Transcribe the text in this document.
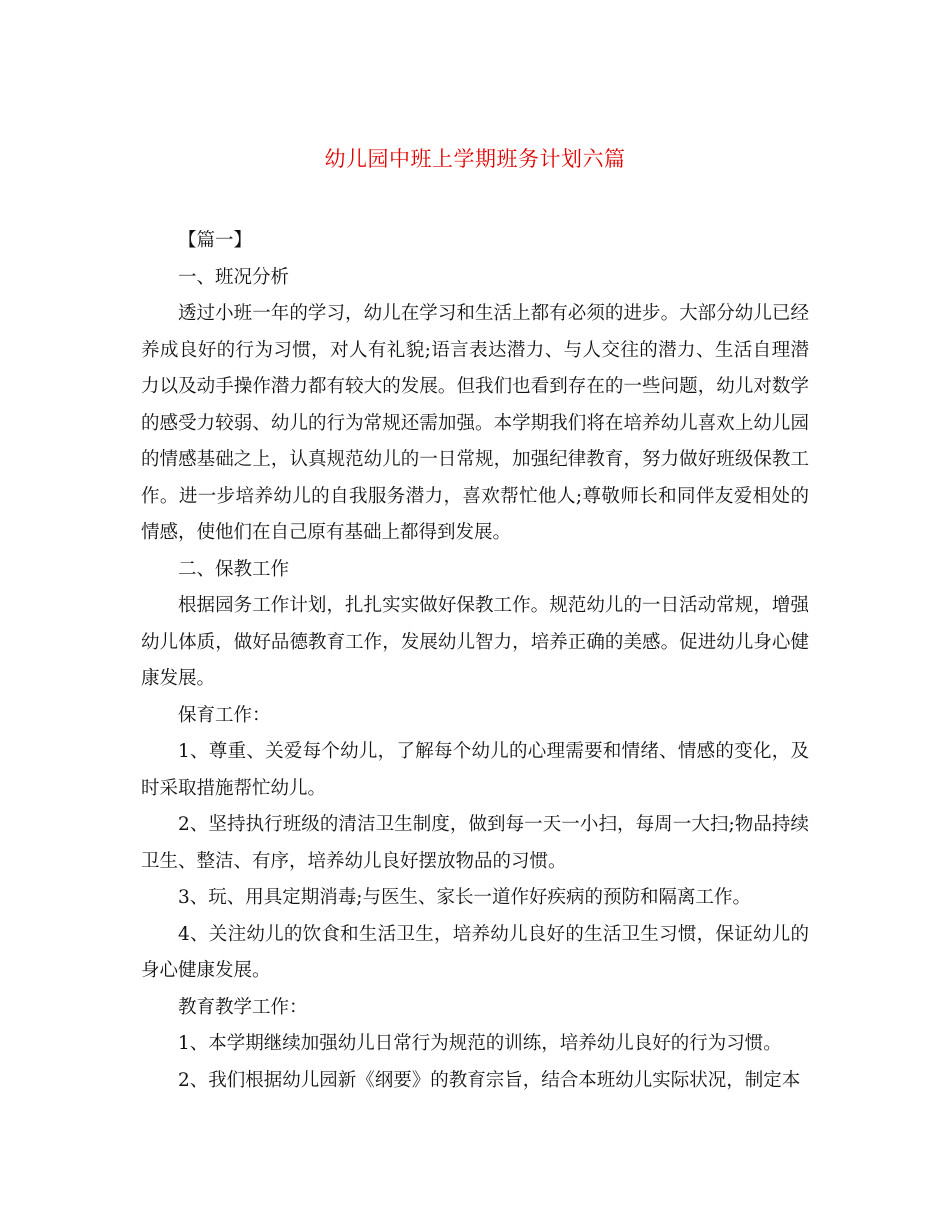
幼儿园中班上学期班务计划六篇

【篇一】

一、班况分析

透过小班一年的学习，幼儿在学习和生活上都有必须的进步。大部分幼儿已经养成良好的行为习惯，对人有礼貌;语言表达潜力、与人交往的潜力、生活自理潜力以及动手操作潜力都有较大的发展。但我们也看到存在的一些问题，幼儿对数学的感受力较弱、幼儿的行为常规还需加强。本学期我们将在培养幼儿喜欢上幼儿园的情感基础之上，认真规范幼儿的一日常规，加强纪律教育，努力做好班级保教工作。进一步培养幼儿的自我服务潜力，喜欢帮忙他人;尊敬师长和同伴友爱相处的情感，使他们在自己原有基础上都得到发展。

二、保教工作

根据园务工作计划，扎扎实实做好保教工作。规范幼儿的一日活动常规，增强幼儿体质，做好品德教育工作，发展幼儿智力，培养正确的美感。促进幼儿身心健康发展。

保育工作：

1、尊重、关爱每个幼儿，了解每个幼儿的心理需要和情绪、情感的变化，及时采取措施帮忙幼儿。

2、坚持执行班级的清洁卫生制度，做到每一天一小扫，每周一大扫;物品持续卫生、整洁、有序，培养幼儿良好摆放物品的习惯。

3、玩、用具定期消毒;与医生、家长一道作好疾病的预防和隔离工作。

4、关注幼儿的饮食和生活卫生，培养幼儿良好的生活卫生习惯，保证幼儿的身心健康发展。

教育教学工作：

1、本学期继续加强幼儿日常行为规范的训练，培养幼儿良好的行为习惯。

2、我们根据幼儿园新《纲要》的教育宗旨，结合本班幼儿实际状况，制定本
